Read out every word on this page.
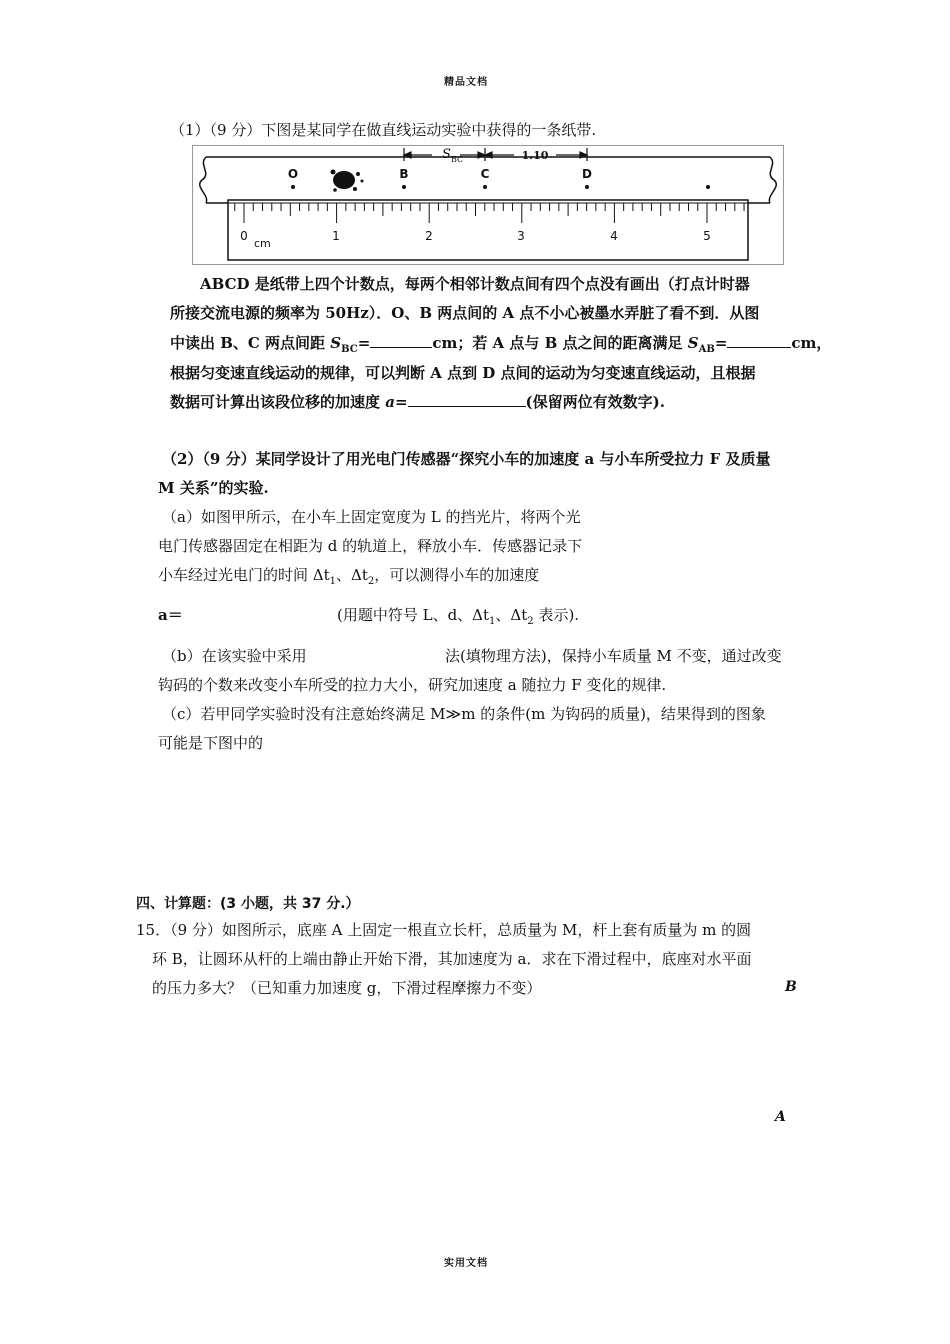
精品文档
（1）（9 分）下图是某同学在做直线运动实验中获得的一条纸带.
O	B	C	D
S BC	1.10
0	1	2	3	4	5
cm
ABCD 是纸带上四个计数点，每两个相邻计数点间有四个点没有画出（打点计时器
所接交流电源的频率为 50Hz）．O、B 两点间的 A 点不小心被墨水弄脏了看不到．从图
中读出 B、C 两点间距 $S_{BC}=$	cm；若 A 点与 B 点之间的距离满足 $S_{AB}=$	cm，
根据匀变速直线运动的规律，可以判断 A 点到 D 点间的运动为匀变速直线运动，且根据
数据可计算出该段位移的加速度 a=	(保留两位有效数字).
（2）（9 分）某同学设计了用光电门传感器“探究小车的加速度 a 与小车所受拉力 F 及质量
M 关系”的实验.
（a）如图甲所示，在小车上固定宽度为 L 的挡光片，将两个光
电门传感器固定在相距为 d 的轨道上，释放小车．传感器记录下
小车经过光电门的时间 $\Delta t_1$、$\Delta t_2$，可以测得小车的加速度
a＝	(用题中符号 L、d、$\Delta t_1$、$\Delta t_2$ 表示).
（b）在该实验中采用	法(填物理方法)，保持小车质量 M 不变，通过改变
钩码的个数来改变小车所受的拉力大小，研究加速度 a 随拉力 F 变化的规律.
（c）若甲同学实验时没有注意始终满足 M≫m 的条件(m 为钩码的质量)，结果得到的图象
可能是下图中的
四、计算题：(3 小题，共 37 分.）
15．（9 分）如图所示，底座 A 上固定一根直立长杆，总质量为 M，杆上套有质量为 m 的圆
环 B，让圆环从杆的上端由静止开始下滑，其加速度为 a．求在下滑过程中，底座对水平面
的压力多大？（已知重力加速度 g，下滑过程摩擦力不变）	B
A
实用文档
